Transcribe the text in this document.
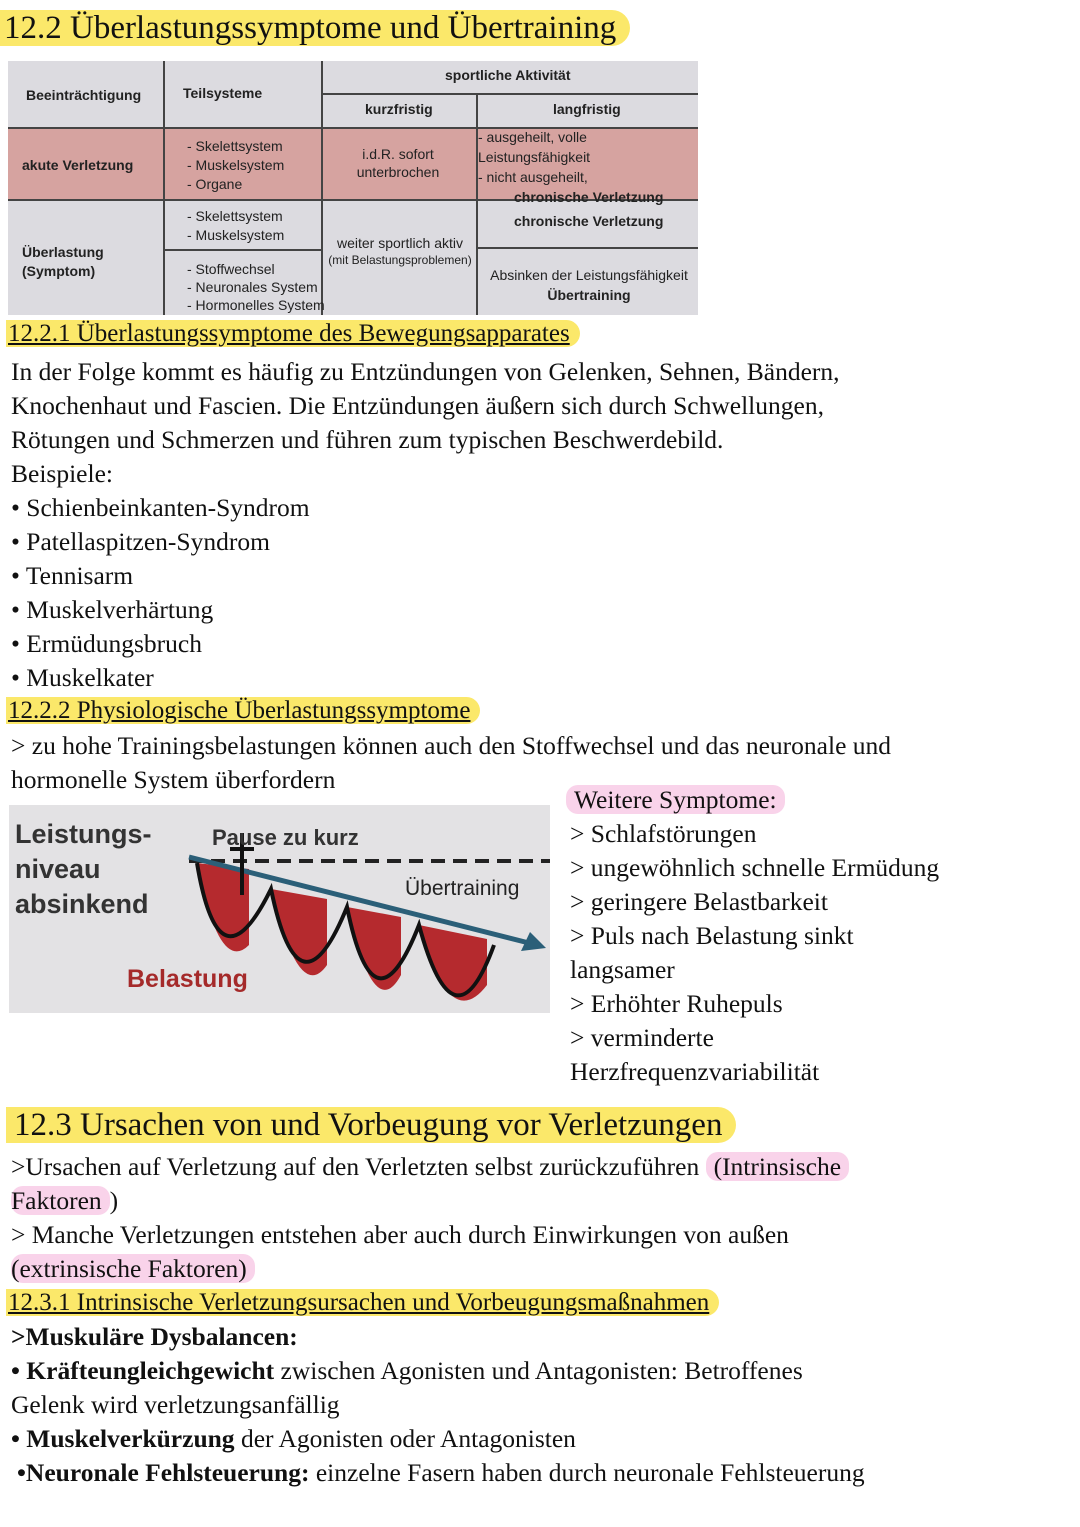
12.2 Überlastungssymptome und Übertraining
Beeinträchtigung	Teilsysteme
sportliche Aktivität
kurzfristig	langfristig
akute Verletzung
- Skelettsystem
- Muskelsystem
- Organe
i.d.R. sofort unterbrochen
- ausgeheilt, volle Leistungsfähigkeit
- nicht ausgeheilt,
chronische Verletzung
Überlastung
(Symptom)
- Skelettsystem
- Muskelsystem
- Stoffwechsel
- Neuronales System
- Hormonelles System
weiter sportlich aktiv
(mit Belastungsproblemen)
chronische Verletzung
Absinken der Leistungsfähigkeit
Übertraining
12.2.1 Überlastungssymptome des Bewegungsapparates

In der Folge kommt es häufig zu Entzündungen von Gelenken, Sehnen, Bändern,

Knochenhaut und Fascien. Die Entzündungen äußern sich durch Schwellungen,

Rötungen und Schmerzen und führen zum typischen Beschwerdebild.

Beispiele:

• Schienbeinkanten-Syndrom

• Patellaspitzen-Syndrom

• Tennisarm

• Muskelverhärtung

• Ermüdungsbruch

• Muskelkater

12.2.2 Physiologische Überlastungssymptome

> zu hohe Trainingsbelastungen können auch den Stoffwechsel und das neuronale und

hormonelle System überfordern

Leistungs-
niveau
absinkend
Pause zu kurz
Übertraining
Belastung

Weitere Symptome:

> Schlafstörungen

> ungewöhnlich schnelle Ermüdung

> geringere Belastbarkeit

> Puls nach Belastung sinkt

langsamer

> Erhöhter Ruhepuls

> verminderte

Herzfrequenzvariabilität

12.3 Ursachen von und Vorbeugung vor Verletzungen

>Ursachen auf Verletzung auf den Verletzten selbst zurückzuführen (Intrinsische

Faktoren )

> Manche Verletzungen entstehen aber auch durch Einwirkungen von außen

(extrinsische Faktoren)

12.3.1 Intrinsische Verletzungsursachen und Vorbeugungsmaßnahmen

>Muskuläre Dysbalancen:

• Kräfteungleichgewicht zwischen Agonisten und Antagonisten: Betroffenes

Gelenk wird verletzungsanfällig

• Muskelverkürzung der Agonisten oder Antagonisten

•Neuronale Fehlsteuerung: einzelne Fasern haben durch neuronale Fehlsteuerung
